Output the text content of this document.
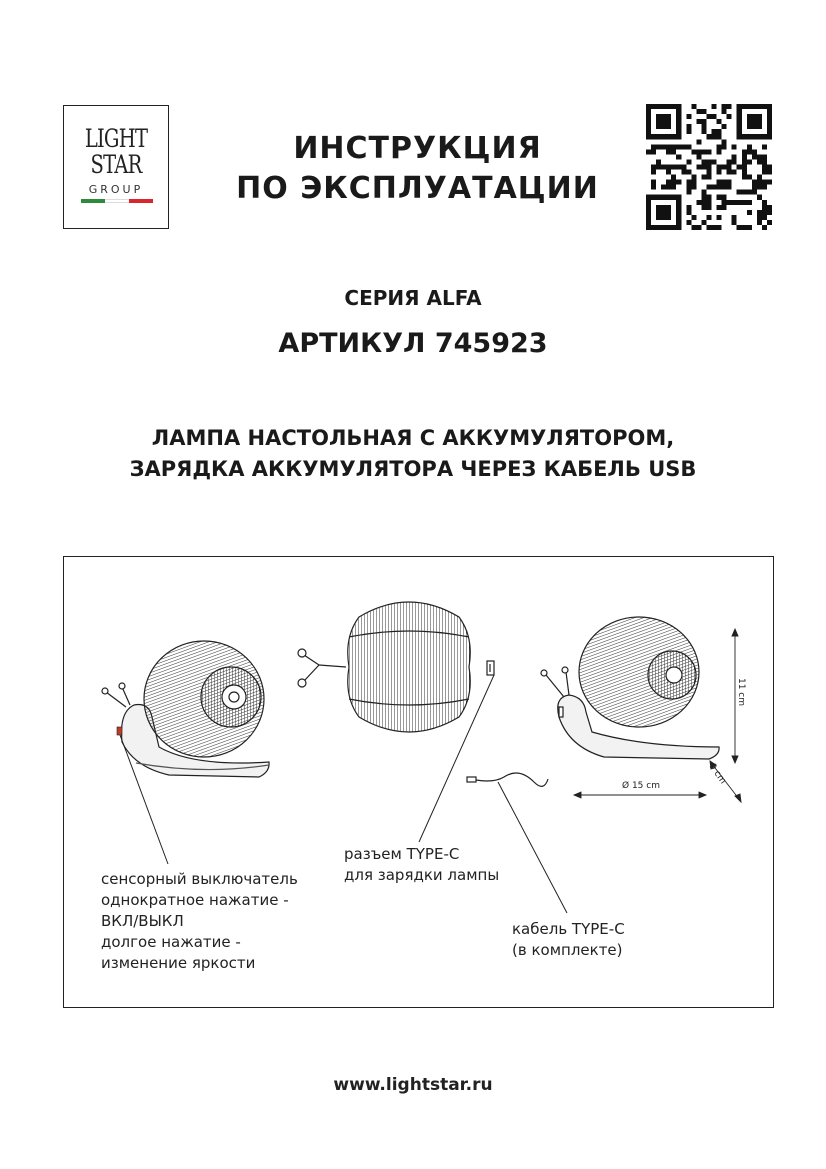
LIGHT
STAR
GROUP
ИНСТРУКЦИЯ
ПО ЭКСПЛУАТАЦИИ
СЕРИЯ ALFA
АРТИКУЛ 745923
ЛАМПА НАСТОЛЬНАЯ С АККУМУЛЯТОРОМ,
ЗАРЯДКА АККУМУЛЯТОРА ЧЕРЕЗ КАБЕЛЬ USB
11 cm
Ø 15 cm	9 cm
сенсорный выключатель
однократное нажатие -
ВКЛ/ВЫКЛ
долгое нажатие -
изменение яркости
разъем TYPE-C
для зарядки лампы
кабель TYPE-C
(в комплекте)
www.lightstar.ru
